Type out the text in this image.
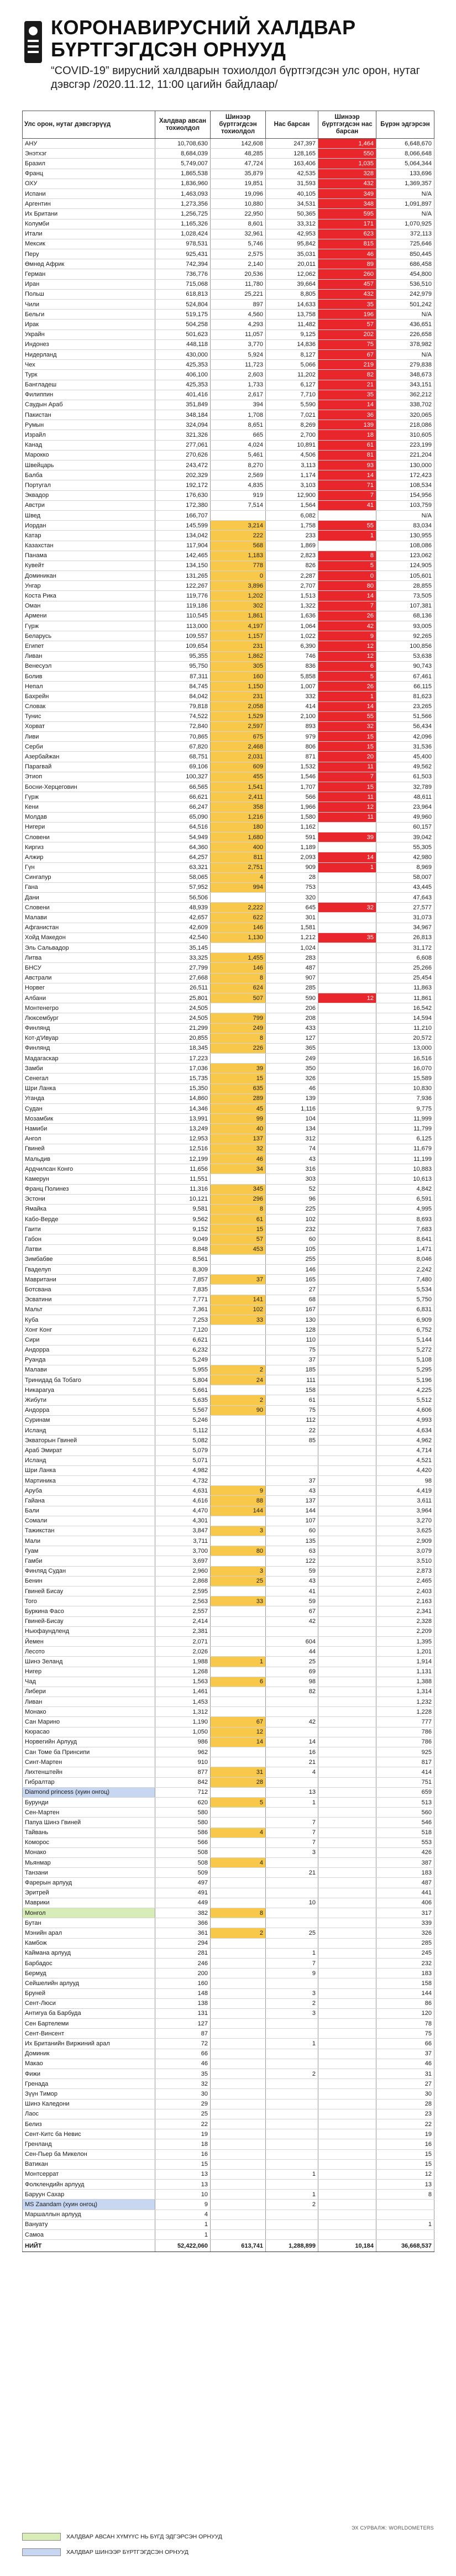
КОРОНАВИРУСНИЙ ХАЛДВАР
БҮРТГЭГДСЭН ОРНУУД
“COVID-19” вирусний халдварын тохиолдол бүртгэгдсэн улс орон, нутаг дэвсгэр /2020.11.12, 11:00 цагийн байдлаар/
Улс орон, нутаг дэвсгэрүүд	Халдвар авсан тохиолдол	Шинээр бүртгэгдсэн тохиолдол	Нас барсан	Шинээр бүртгэгдсэн нас барсан	Бүрэн эдгэрсэн
АНУ	10,708,630	142,608	247,397	1,464	6,648,670
Энэтхэг	8,684,039	48,285	128,165	550	8,066,648
Бразил	5,749,007	47,724	163,406	1,035	5,064,344
Франц	1,865,538	35,879	42,535	328	133,696
ОХУ	1,836,960	19,851	31,593	432	1,369,357
Испани	1,463,093	19,096	40,105	349	N/A
Аргентин	1,273,356	10,880	34,531	348	1,091,897
Их Британи	1,256,725	22,950	50,365	595	N/A
Колумби	1,165,326	8,601	33,312	171	1,070,925
Итали	1,028,424	32,961	42,953	623	372,113
Мексик	978,531	5,746	95,842	815	725,646
Перу	925,431	2,575	35,031	46	850,445
Өмнөд Африк	742,394	2,140	20,011	89	686,458
Герман	736,776	20,536	12,062	260	454,800
Иран	715,068	11,780	39,664	457	536,510
Польш	618,813	25,221	8,805	432	242,979
Чили	524,804	897	14,633	35	501,242
Бельги	519,175	4,560	13,758	196	N/A
Ирак	504,258	4,293	11,482	57	436,651
Украйн	501,623	11,057	9,125	202	226,658
Индонез	448,118	3,770	14,836	75	378,982
Нидерланд	430,000	5,924	8,127	67	N/A
Чех	425,353	11,723	5,066	219	279,838
Турк	406,100	2,603	11,202	82	348,673
Бангладеш	425,353	1,733	6,127	21	343,151
Филиппин	401,416	2,617	7,710	35	362,212
Саудын Араб	351,849	394	5,590	14	338,702
Пакистан	348,184	1,708	7,021	36	320,065
Румын	324,094	8,651	8,269	139	218,086
Израйл	321,326	665	2,700	18	310,605
Канад	277,061	4,024	10,891	61	223,199
Марокко	270,626	5,461	4,506	81	221,204
Швейцарь	243,472	8,270	3,113	93	130,000
Балба	202,329	2,569	1,174	14	172,423
Португал	192,172	4,835	3,103	71	108,534
Эквадор	176,630	919	12,900	7	154,956
Австри	172,380	7,514	1,564	41	103,759
Швед	166,707		6,082		N/A
Иордан	145,599	3,214	1,758	55	83,034
Катар	134,042	222	233	1	130,955
Казахстан	117,904	568	1,869		108,086
Панама	142,465	1,183	2,823	8	123,062
Кувейт	134,150	778	826	5	124,905
Доминикан	131,265	0	2,287	0	105,601
Унгар	122,267	3,896	2,707	80	28,855
Коста Рика	119,776	1,202	1,513	14	73,505
Оман	119,186	302	1,322	7	107,381
Армени	110,545	1,861	1,636	26	68,136
Гүрж	113,000	4,197	1,064	42	93,005
Беларусь	109,557	1,157	1,022	9	92,265
Египет	109,654	231	6,390	12	100,856
Ливан	95,355	1,862	746	12	53,638
Венесуэл	95,750	305	836	6	90,743
Болив	87,311	160	5,858	5	67,461
Непал	84,745	1,150	1,007	26	66,115
Бахрейн	84,042	231	332	1	81,623
Словак	79,818	2,058	414	14	23,265
Тунис	74,522	1,529	2,100	55	51,566
Хорват	72,840	2,597	893	32	56,434
Ливи	70,865	675	979	15	42,096
Серби	67,820	2,468	806	15	31,536
Азербайжан	68,751	2,031	871	20	45,400
Парагвай	69,106	609	1,532	11	49,562
Этиоп	100,327	455	1,546	7	61,503
Босни-Херцеговин	66,565	1,541	1,707	15	32,789
Гүрж	66,621	2,411	566	11	48,611
Кени	66,247	358	1,966	12	23,964
Молдав	65,090	1,216	1,580	11	49,960
Нигери	64,516	180	1,162		60,157
Словени	54,949	1,680	591	39	39,042
Киргиз	64,360	400	1,189		55,305
Алжир	64,257	811	2,093	14	42,980
Гүн	63,321	2,751	909	1	8,969
Сингапур	58,065	4	28		58,007
Гана	57,952	994	753		43,445
Дани	56,506		320		47,643
Словени	48,939	2,222	645	32	27,577
Малави	42,657	622	301		31,073
Афганистан	42,609	146	1,581		34,967
Хойд Македон	42,540	1,130	1,212	35	26,813
Эль Сальвадор	35,145		1,024		31,172
Литва	33,325	1,455	283		6,608
БНСУ	27,799	146	487		25,266
Австрали	27,668	8	907		25,454
Норвег	26,511	624	285		11,863
Албани	25,801	507	590	12	11,861
Монтенегро	24,505		206		16,542
Люксембург	24,505	799	208		14,594
Финлянд	21,299	249	433		11,210
Кот-д'Ивуар	20,855	8	127		20,572
Финлянд	18,345	226	365		13,000
Мадагаскар	17,223		249		16,516
Замби	17,036	39	350		16,070
Сенегал	15,735	15	326		15,589
Шри Ланка	15,350	635	46		10,830
Уганда	14,860	289	139		7,936
Судан	14,346	45	1,116		9,775
Мозамбик	13,991	99	104		11,999
Намиби	13,249	40	134		11,799
Ангол	12,953	137	312		6,125
Гвиней	12,516	32	74		11,679
Мальдив	12,199	46	43		11,199
Ардчилсан Конго	11,656	34	316		10,883
Камерун	11,551		303		10,613
Франц Полинез	11,316	345	52		4,842
Эстони	10,121	296	96		6,591
Ямайка	9,581	8	225		4,995
Кабо-Верде	9,562	61	102		8,693
Гаити	9,152	15	232		7,683
Габон	9,049	57	60		8,641
Латви	8,848	453	105		1,471
Зимбабве	8,561		255		8,046
Гваделуп	8,309		146		2,242
Мавритани	7,857	37	165		7,480
Ботсвана	7,835		27		5,534
Эсватини	7,771	141	68		5,750
Мальт	7,361	102	167		6,831
Куба	7,253	33	130		6,909
Хонг Конг	7,120		128		6,752
Сири	6,621		110		5,144
Андорра	6,232		75		5,272
Руанда	5,249		37		5,108
Малави	5,955	2	185		5,295
Тринидад ба Тобаго	5,804	24	111		5,196
Никарагуа	5,661		158		4,225
Жибути	5,635	2	61		5,512
Андорра	5,567	90	75		4,606
Суринам	5,246		112		4,993
Исланд	5,112		22		4,634
Экваторын Гвиней	5,082		85		4,962
Араб Эмират	5,079				4,714
Исланд	5,071				4,521
Шри Ланка	4,982				4,420
Мартиника	4,732		37		98
Аруба	4,631	9	43		4,419
Гайана	4,616	88	137		3,611
Бали	4,470	144	144		3,964
Сомали	4,301		107		3,270
Тажикстан	3,847	3	60		3,625
Мали	3,711		135		2,909
Гуам	3,700	80	63		3,079
Гамби	3,697		122		3,510
Финляд Судан	2,960	3	59		2,873
Бенин	2,868	25	43		2,465
Гвиней Бисау	2,595		41		2,403
Того	2,563	33	59		2,163
Буркина Фасо	2,557		67		2,341
Гвиней-Бисау	2,414		42		2,328
Ньюфаундленд	2,381				2,209
Йемен	2,071		604		1,395
Лесото	2,026		44		1,201
Шинэ Зеланд	1,988	1	25		1,914
Нигер	1,268		69		1,131
Чад	1,563	6	98		1,388
Либери	1,461		82		1,314
Ливан	1,453				1,232
Монако	1,312				1,228
Сан Марино	1,190	67	42		777
Кюрасао	1,050	12			786
Норвегийн Арлууд	986	14	14		786
Сан Томе ба Принсипи	962		16		925
Синт-Мартен	910		21		817
Лихтенштейн	877	31	4		414
Гибралтар	842	28			751
Diamond princess (хуин онгоц)	712		13		659
Бурунди	620	5	1		513
Сен-Мартен	580				560
Папуа Шинэ Гвиней	580		7		546
Тайвань	586	4	7		518
Коморос	566		7		553
Монако	508		3		426
Мьянмар	508	4			387
Танзани	509		21		183
Фарерын арлууд	497				487
Эритрей	491				441
Маврики	449		10		406
Монгол	382	8			317
Бутан	366				339
Мэнийн арал	361	2	25		326
Камбож	294				285
Каймана арлууд	281		1		245
Барбадос	246		7		232
Бермуд	200		9		183
Сейшелийн арлууд	160				158
Бруней	148		3		144
Сент-Люси	138		2		86
Антигуа ба Барбуда	131		3		120
Сен Бартелеми	127				78
Сент-Винсент	87				75
Их Британийн Виржиний арал	72		1		66
Доминик	66				37
Макао	46				46
Фижи	35		2		31
Гренада	32				27
Зүүн Тимор	30				30
Шинэ Каледони	29				28
Лаос	25				23
Белиз	22				22
Сент-Китс ба Невис	19				19
Гренланд	18				16
Сен-Пьер ба Микелон	16				15
Ватикан	15				15
Монтсеррат	13		1		12
Фолклендийн арлууд	13				13
Баруун Сахар	10		1		8
MS Zaandam (хуин онгоц)	9		2		
Маршаллын арлууд	4				
Вануату	1				1
Самоа	1				
НИЙТ	52,422,060	613,741	1,288,899	10,184	36,668,537
ЭХ СУРВАЛЖ: WORLDOMETERS
ХАЛДВАР АВСАН ХҮМҮҮС НЬ БҮГД ЭДГЭРСЭН ОРНУУД
ХАЛДВАР ШИНЭЭР БҮРТГЭГДСЭН ОРНУУД
